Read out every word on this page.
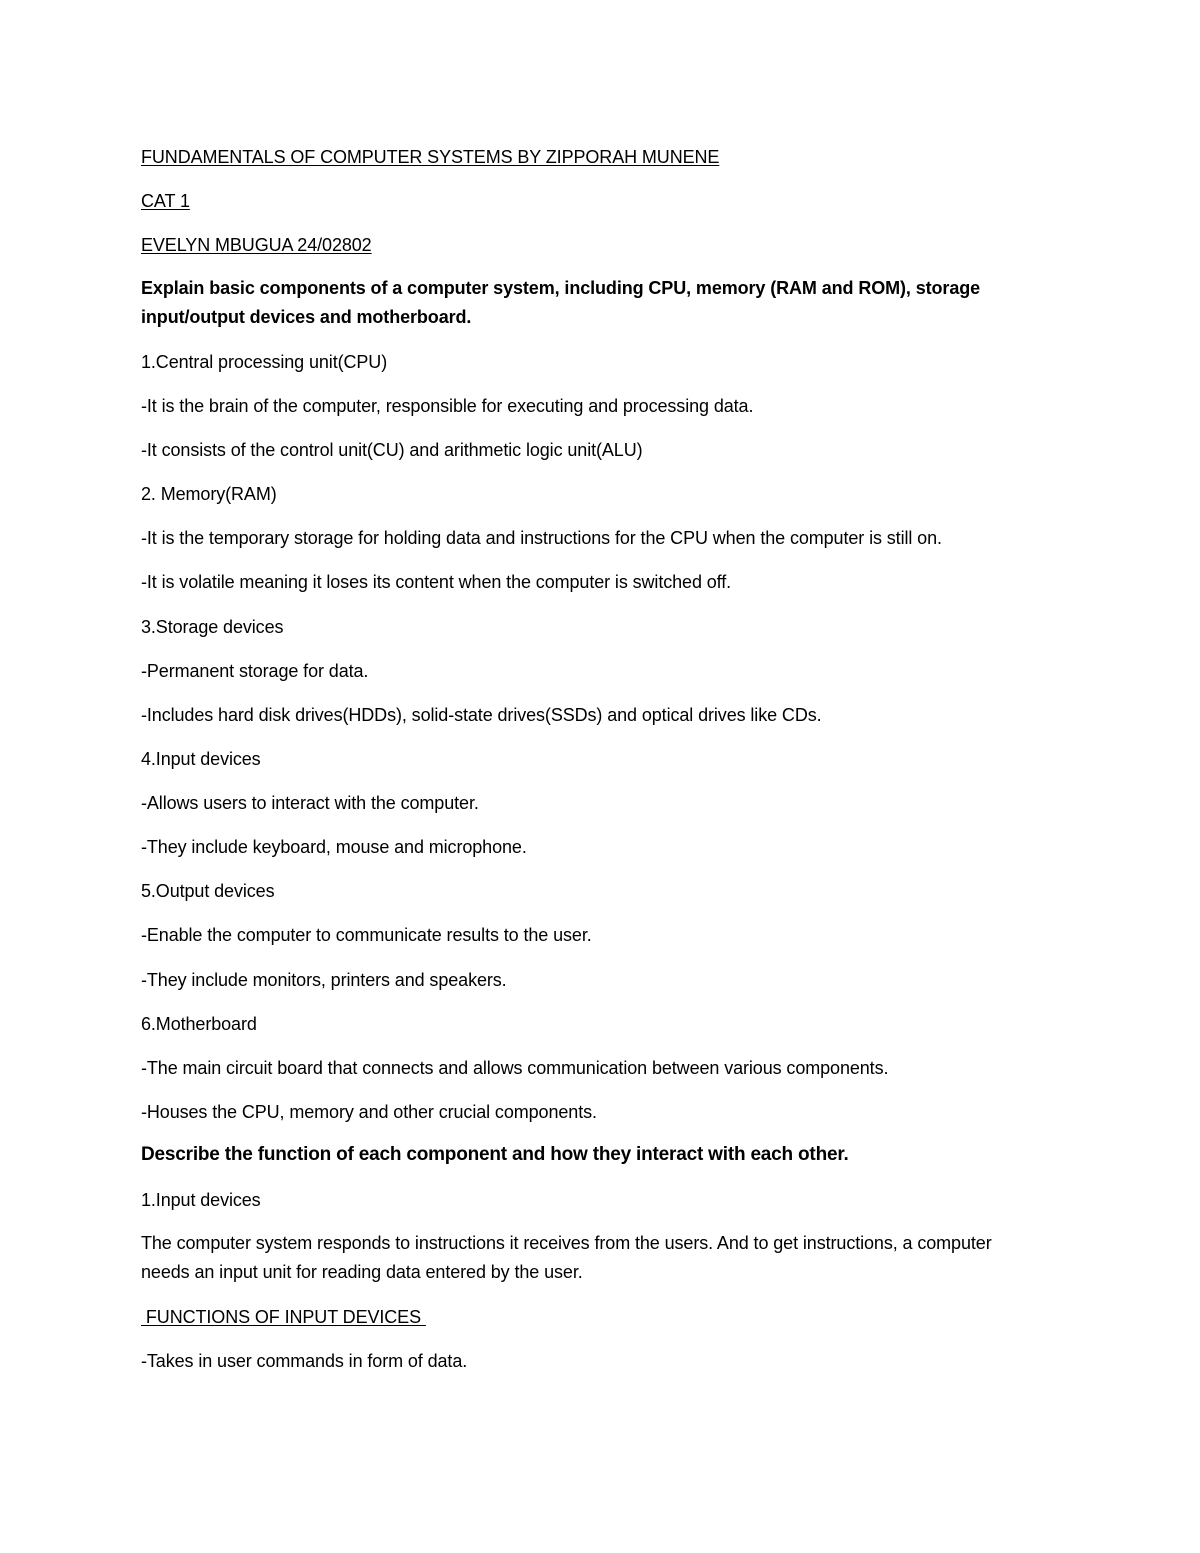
FUNDAMENTALS OF COMPUTER SYSTEMS BY ZIPPORAH MUNENE
CAT 1
EVELYN MBUGUA 24/02802
Explain basic components of a computer system, including CPU, memory (RAM and ROM), storage input/output devices and motherboard.
1.Central processing unit(CPU)
-It is the brain of the computer, responsible for executing and processing data.
-It consists of the control unit(CU) and arithmetic logic unit(ALU)
2. Memory(RAM)
-It is the temporary storage for holding data and instructions for the CPU when the computer is still on.
-It is volatile meaning it loses its content when the computer is switched off.
3.Storage devices
-Permanent storage for data.
-Includes hard disk drives(HDDs), solid-state drives(SSDs) and optical drives like CDs.
4.Input devices
-Allows users to interact with the computer.
-They include keyboard, mouse and microphone.
5.Output devices
-Enable the computer to communicate results to the user.
-They include monitors, printers and speakers.
6.Motherboard
-The main circuit board that connects and allows communication between various components.
-Houses the CPU, memory and other crucial components.
Describe the function of each component and how they interact with each other.
1.Input devices
The computer system responds to instructions it receives from the users. And to get instructions, a computer needs an input unit for reading data entered by the user.
FUNCTIONS OF INPUT DEVICES
-Takes in user commands in form of data.
